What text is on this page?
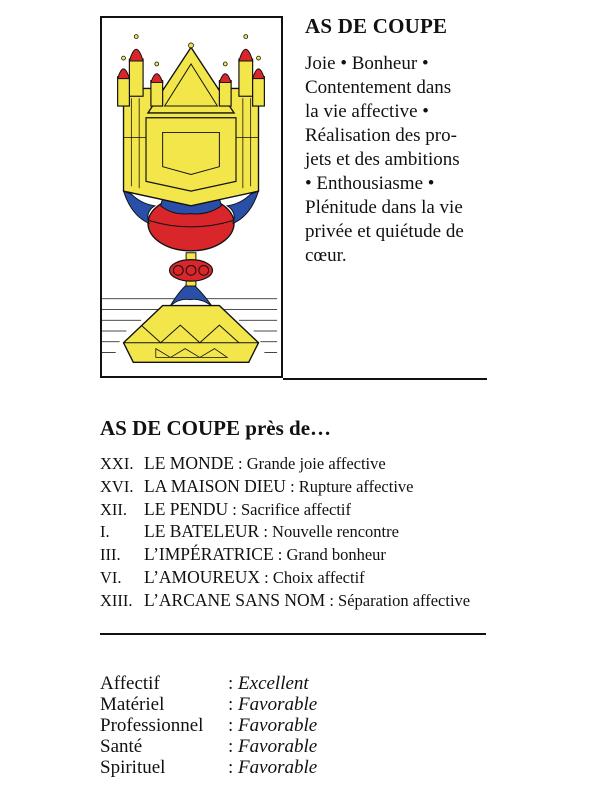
AS DE COUPE
Joie • Bonheur •
Contentement dans
la vie affective •
Réalisation des pro-
jets et des ambitions
• Enthousiasme •
Plénitude dans la vie
privée et quiétude de
cœur.
AS DE COUPE près de…
XXI. LE MONDE : Grande joie affective
XVI. LA MAISON DIEU : Rupture affective
XII. LE PENDU : Sacrifice affectif
I. LE BATELEUR : Nouvelle rencontre
III. L’IMPÉRATRICE : Grand bonheur
VI. L’AMOUREUX : Choix affectif
XIII. L’ARCANE SANS NOM : Séparation affective
Affectif	: Excellent
Matériel	: Favorable
Professionnel : Favorable
Santé	: Favorable
Spirituel	: Favorable
